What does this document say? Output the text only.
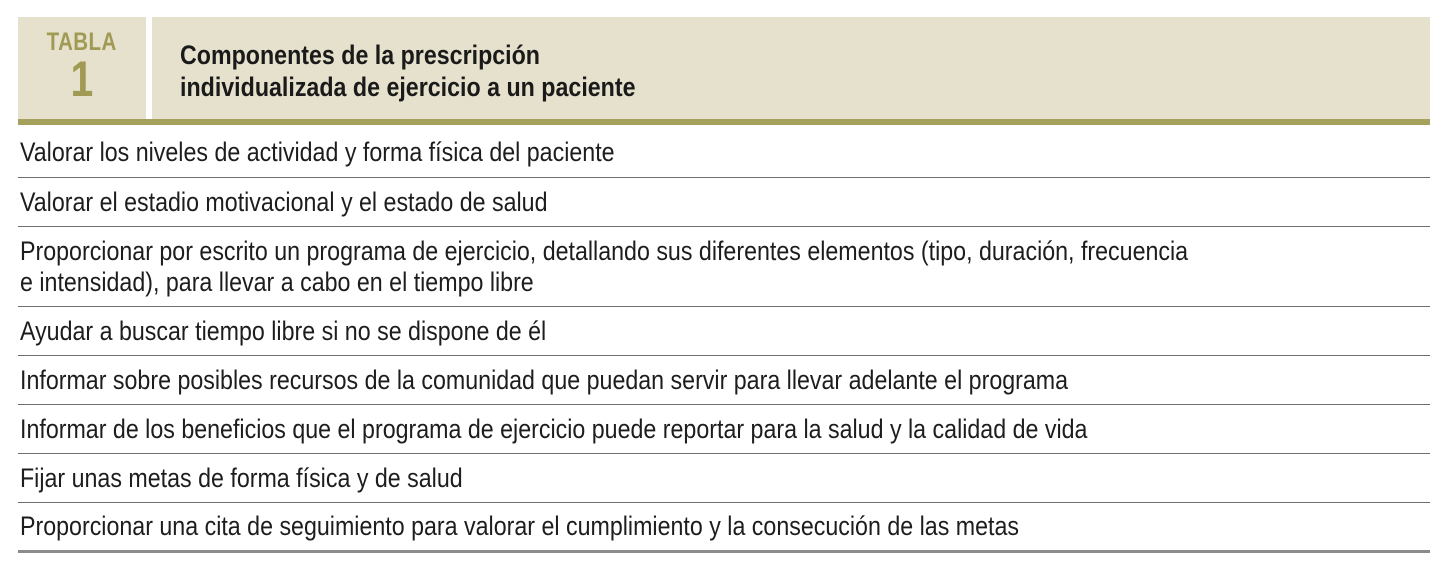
TABLA
1	Componentes de la prescripción
individualizada de ejercicio a un paciente
Valorar los niveles de actividad y forma física del paciente
Valorar el estadio motivacional y el estado de salud
Proporcionar por escrito un programa de ejercicio, detallando sus diferentes elementos (tipo, duración, frecuencia
e intensidad), para llevar a cabo en el tiempo libre
Ayudar a buscar tiempo libre si no se dispone de él
Informar sobre posibles recursos de la comunidad que puedan servir para llevar adelante el programa
Informar de los beneficios que el programa de ejercicio puede reportar para la salud y la calidad de vida
Fijar unas metas de forma física y de salud
Proporcionar una cita de seguimiento para valorar el cumplimiento y la consecución de las metas
